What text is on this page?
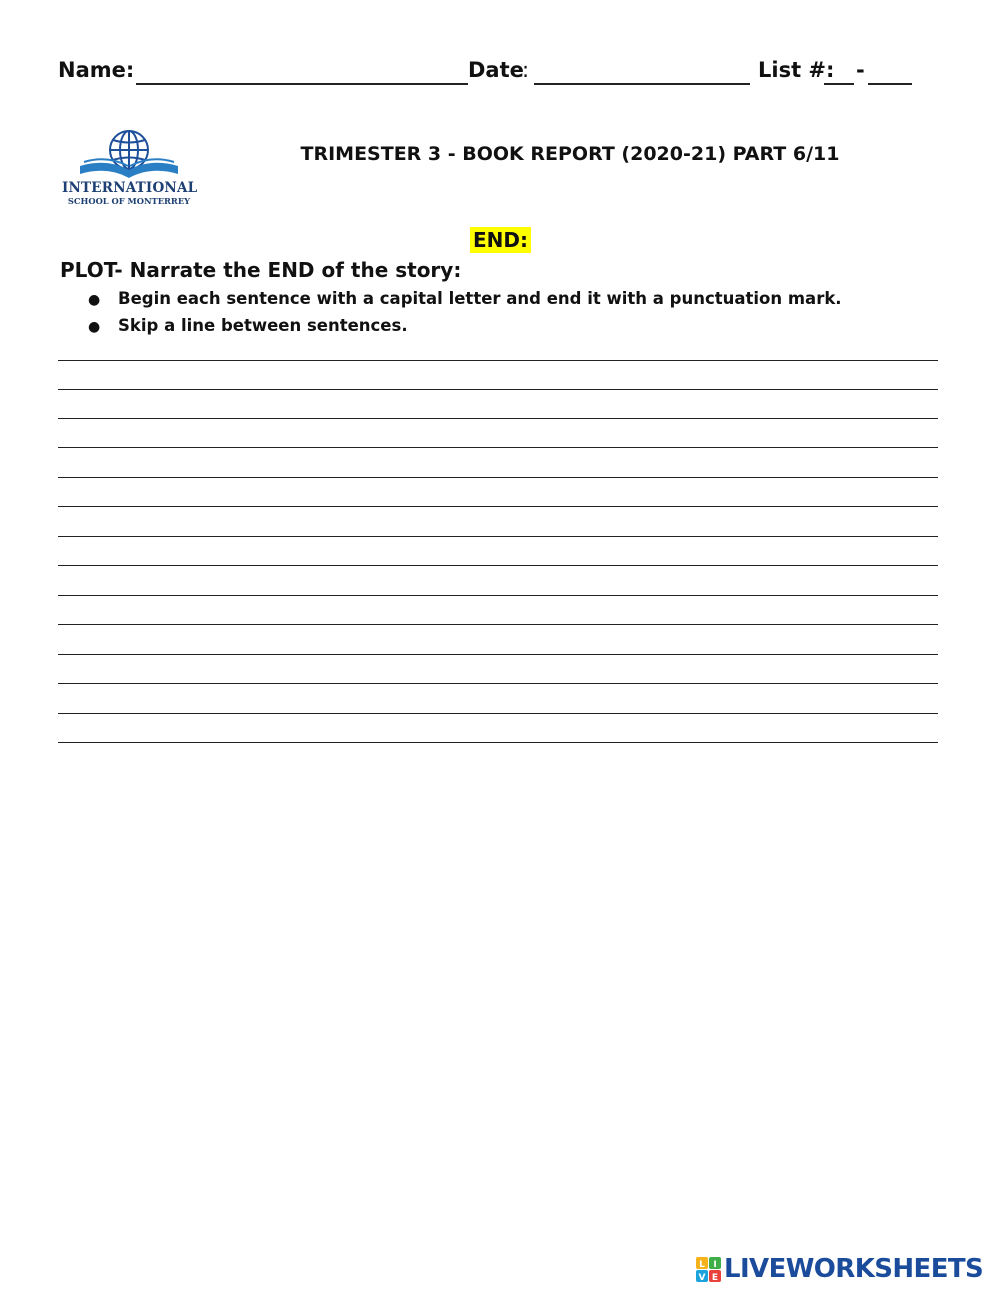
Name:	Date
:	List #: -
INTERNATIONAL
SCHOOL OF MONTERREY
TRIMESTER 3 - BOOK REPORT (2020-21) PART 6/11
END:
PLOT- Narrate the END of the story:
● Begin each sentence with a capital letter and end it with a punctuation mark.
● Skip a line between sentences.
L I
V E LIVEWORKSHEETS
